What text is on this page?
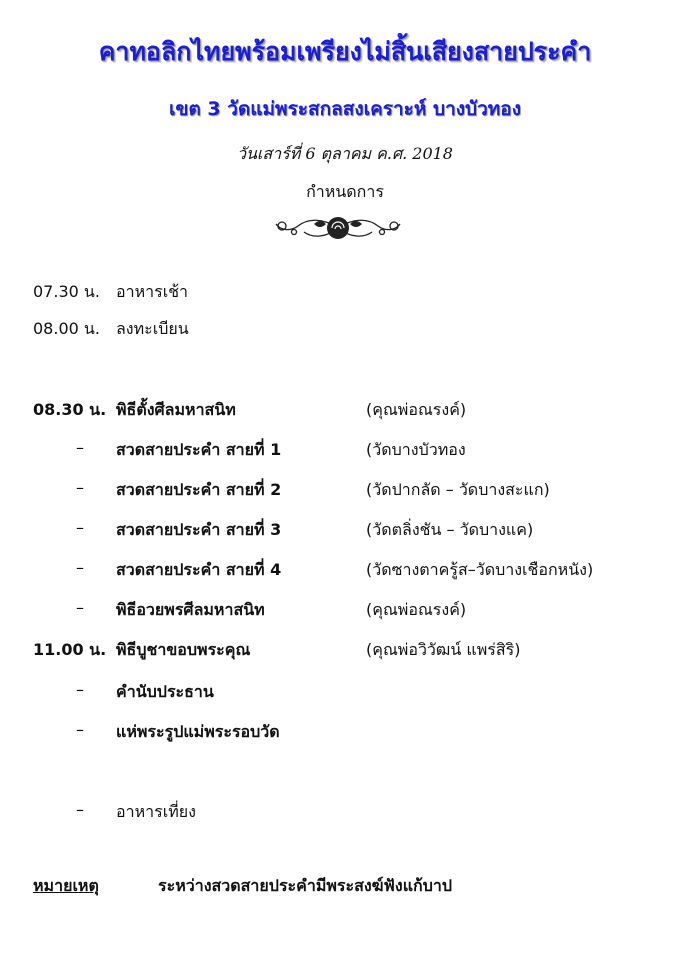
คาทอลิกไทยพร้อมเพรียงไม่สิ้นเสียงสายประคำ
เขต 3 วัดแม่พระสกลสงเคราะห์ บางบัวทอง
วันเสาร์ที่ 6 ตุลาคม ค.ศ. 2018
กำหนดการ
07.30 น. อาหารเช้า
08.00 น. ลงทะเบียน
08.30 น. พิธีตั้งศีลมหาสนิท	(คุณพ่อณรงค์)
– สวดสายประคำ สายที่ 1	(วัดบางบัวทอง
– สวดสายประคำ สายที่ 2	(วัดปากลัด – วัดบางสะแก)
– สวดสายประคำ สายที่ 3	(วัดตลิ่งชัน – วัดบางแค)
– สวดสายประคำ สายที่ 4	(วัดซางตาครู้ส–วัดบางเชือกหนัง)
– พิธีอวยพรศีลมหาสนิท	(คุณพ่อณรงค์)
11.00 น. พิธีบูชาขอบพระคุณ	(คุณพ่อวิวัฒน์ แพร่สิริ)
– คำนับประธาน
– แห่พระรูปแม่พระรอบวัด
– อาหารเที่ยง
หมายเหตุ	ระหว่างสวดสายประคำมีพระสงฆ์ฟังแก้บาป
